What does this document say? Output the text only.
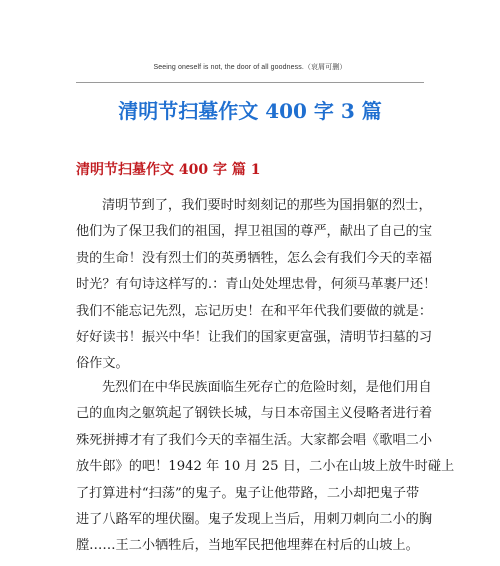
Seeing oneself is not, the door of all goodness.（哀屑可删）
清明节扫墓作文 400 字 3 篇
清明节扫墓作文 400 字 篇 1
清明节到了，我们要时时刻刻记的那些为国捐躯的烈士，
他们为了保卫我们的祖国，捍卫祖国的尊严，献出了自己的宝
贵的生命！没有烈士们的英勇牺牲，怎么会有我们今天的幸福
时光？有句诗这样写的.：青山处处埋忠骨，何须马革裹尸还！
我们不能忘记先烈，忘记历史！在和平年代我们要做的就是：
好好读书！振兴中华！让我们的国家更富强，清明节扫墓的习
俗作文。
先烈们在中华民族面临生死存亡的危险时刻，是他们用自
己的血肉之躯筑起了钢铁长城，与日本帝国主义侵略者进行着
殊死拼搏才有了我们今天的幸福生活。大家都会唱《歌唱二小
放牛郎》的吧！1942 年 10 月 25 日，二小在山坡上放牛时碰上
了打算进村“扫荡”的鬼子。鬼子让他带路，二小却把鬼子带
进了八路军的埋伏圈。鬼子发现上当后，用刺刀刺向二小的胸
膛……王二小牺牲后，当地军民把他埋葬在村后的山坡上。
